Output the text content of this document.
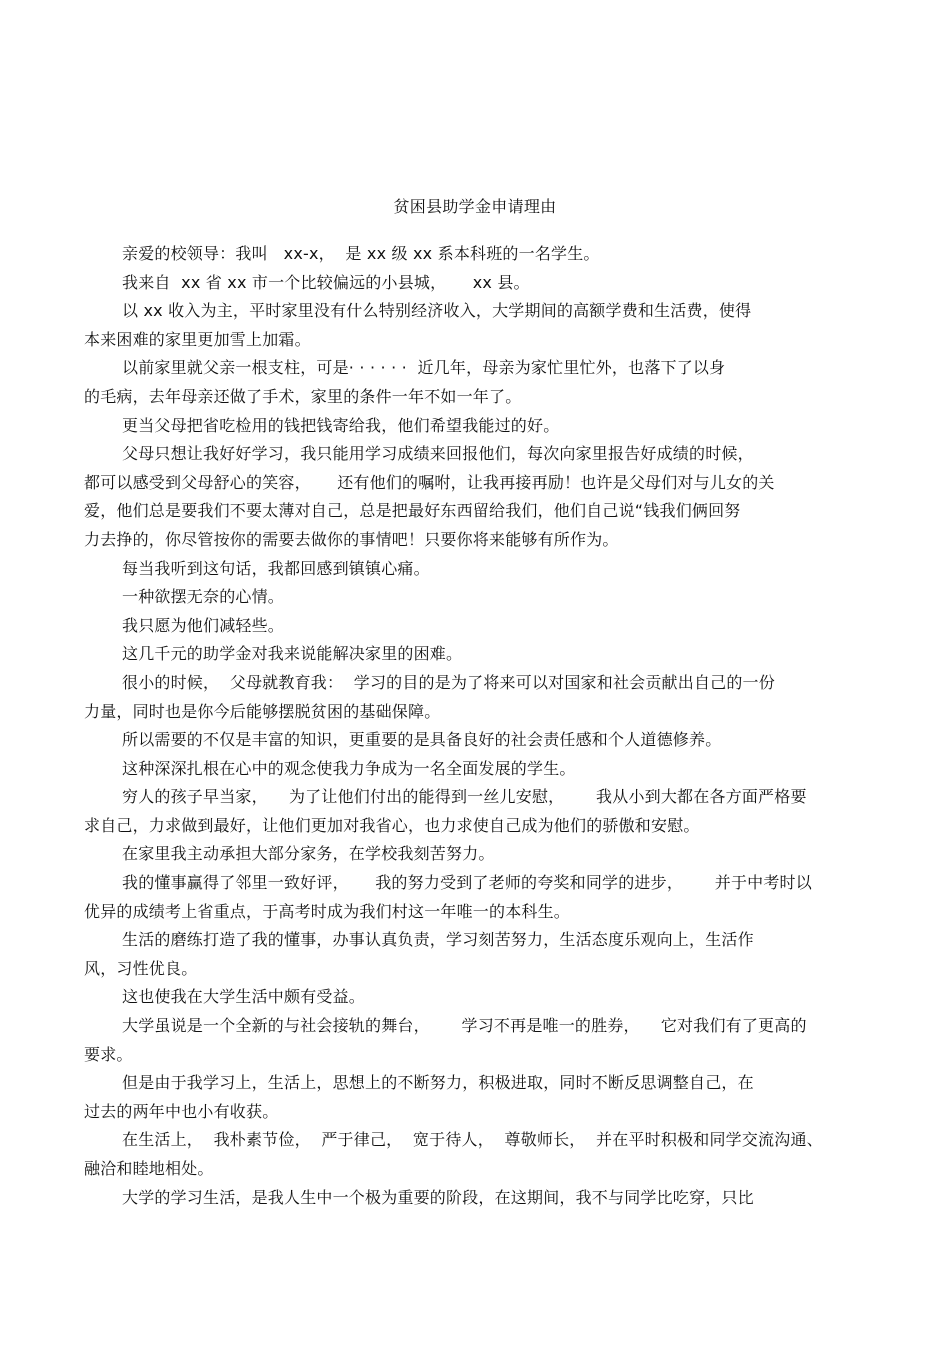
贫困县助学金申请理由

亲爱的校领导：我叫   xx-x，  是 xx 级 xx 系本科班的一名学生。

我来自  xx 省 xx 市一个比较偏远的小县城，     xx 县。

以 xx 收入为主，平时家里没有什么特别经济收入，大学期间的高额学费和生活费，使得
本来困难的家里更加雪上加霜。

以前家里就父亲一根支柱，可是· · · · · ·  近几年，母亲为家忙里忙外，也落下了以身
的毛病，去年母亲还做了手术，家里的条件一年不如一年了。

更当父母把省吃检用的钱把钱寄给我，他们希望我能过的好。

父母只想让我好好学习，我只能用学习成绩来回报他们，每次向家里报告好成绩的时候，
都可以感受到父母舒心的笑容，     还有他们的嘱咐，让我再接再励！也许是父母们对与儿女的关
爱，他们总是要我们不要太薄对自己，总是把最好东西留给我们，他们自己说“钱我们俩回努
力去挣的，你尽管按你的需要去做你的事情吧！只要你将来能够有所作为。

每当我听到这句话，我都回感到镇镇心痛。

一种欲摆无奈的心情。

我只愿为他们减轻些。

这几千元的助学金对我来说能解决家里的困难。

很小的时候，  父母就教育我：  学习的目的是为了将来可以对国家和社会贡献出自己的一份
力量，同时也是你今后能够摆脱贫困的基础保障。

所以需要的不仅是丰富的知识，更重要的是具备良好的社会责任感和个人道德修养。

这种深深扎根在心中的观念使我力争成为一名全面发展的学生。

穷人的孩子早当家，    为了让他们付出的能得到一丝儿安慰，      我从小到大都在各方面严格要
求自己，力求做到最好，让他们更加对我省心，也力求使自己成为他们的骄傲和安慰。

在家里我主动承担大部分家务，在学校我刻苦努力。

我的懂事赢得了邻里一致好评，     我的努力受到了老师的夸奖和同学的进步，      并于中考时以
优异的成绩考上省重点，于高考时成为我们村这一年唯一的本科生。

生活的磨练打造了我的懂事，办事认真负责，学习刻苦努力，生活态度乐观向上，生活作
风，习性优良。

这也使我在大学生活中颇有受益。

大学虽说是一个全新的与社会接轨的舞台，      学习不再是唯一的胜券，    它对我们有了更高的
要求。

但是由于我学习上，生活上，思想上的不断努力，积极进取，同时不断反思调整自己，在
过去的两年中也小有收获。

在生活上，  我朴素节俭，  严于律己，  宽于待人，  尊敬师长，  并在平时积极和同学交流沟通、
融洽和睦地相处。

大学的学习生活，是我人生中一个极为重要的阶段，在这期间，我不与同学比吃穿，只比
